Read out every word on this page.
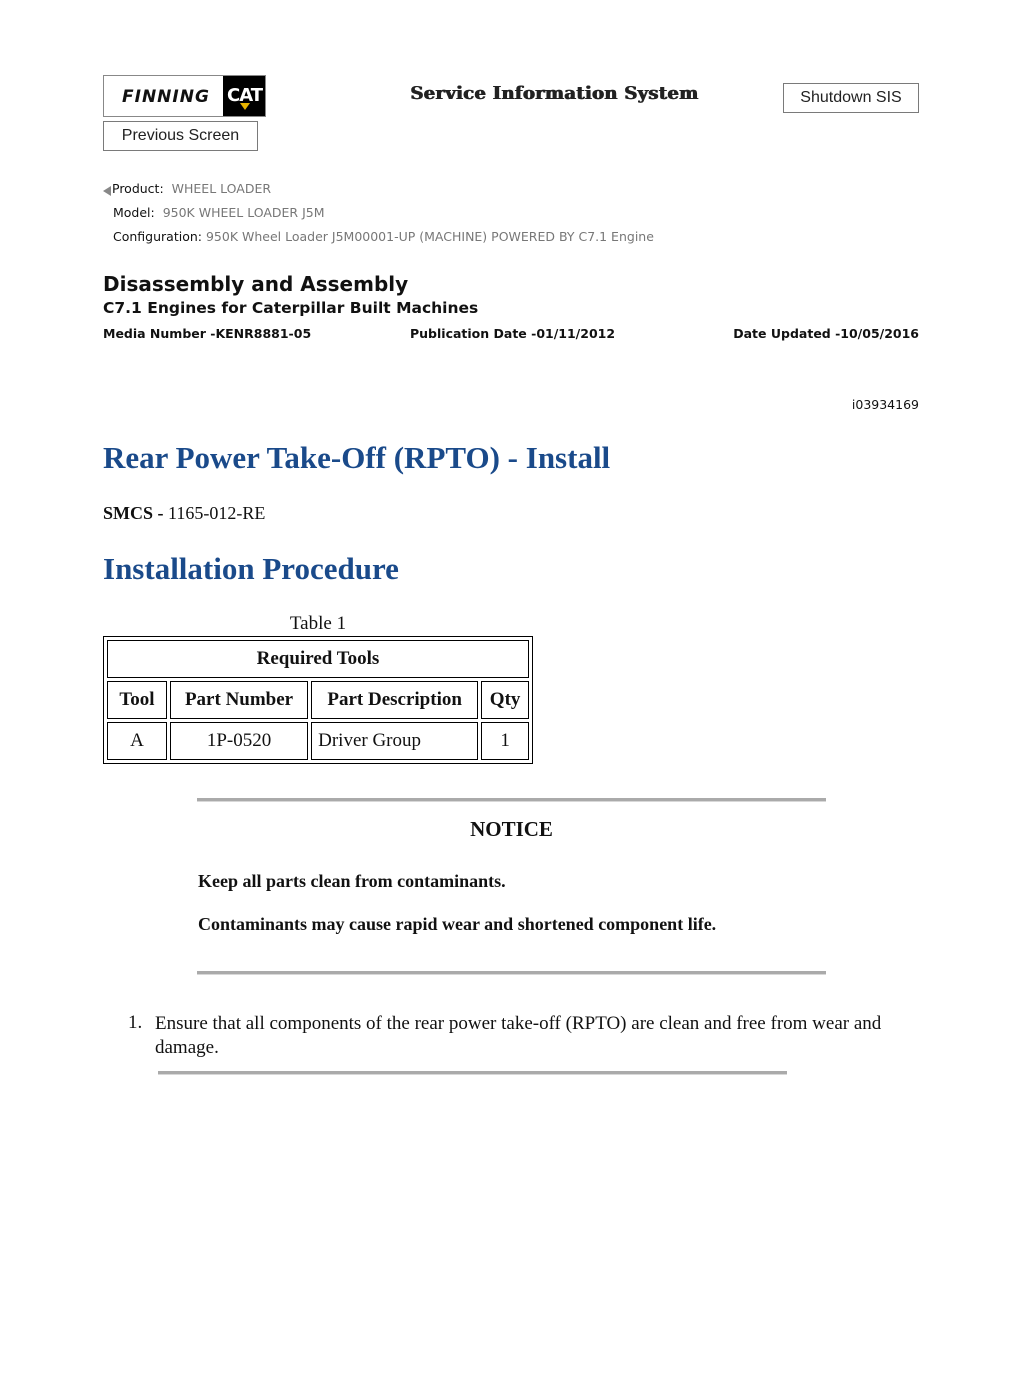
FINNING CAT	Service Information System	Shutdown SIS
Previous Screen
Product: WHEEL LOADER
Model: 950K WHEEL LOADER J5M
Configuration: 950K Wheel Loader J5M00001-UP (MACHINE) POWERED BY C7.1 Engine
Disassembly and Assembly
C7.1 Engines for Caterpillar Built Machines
Media Number -KENR8881-05	Publication Date -01/11/2012	Date Updated -10/05/2016
i03934169
Rear Power Take-Off (RPTO) - Install
SMCS - 1165-012-RE
Installation Procedure
Table 1
Required Tools			
Tool	Part Number	Part Description	Qty
A	1P-0520	Driver Group	1
NOTICE
Keep all parts clean from contaminants.
Contaminants may cause rapid wear and shortened component life.
1. Ensure that all components of the rear power take-off (RPTO) are clean and free from wear and damage.
